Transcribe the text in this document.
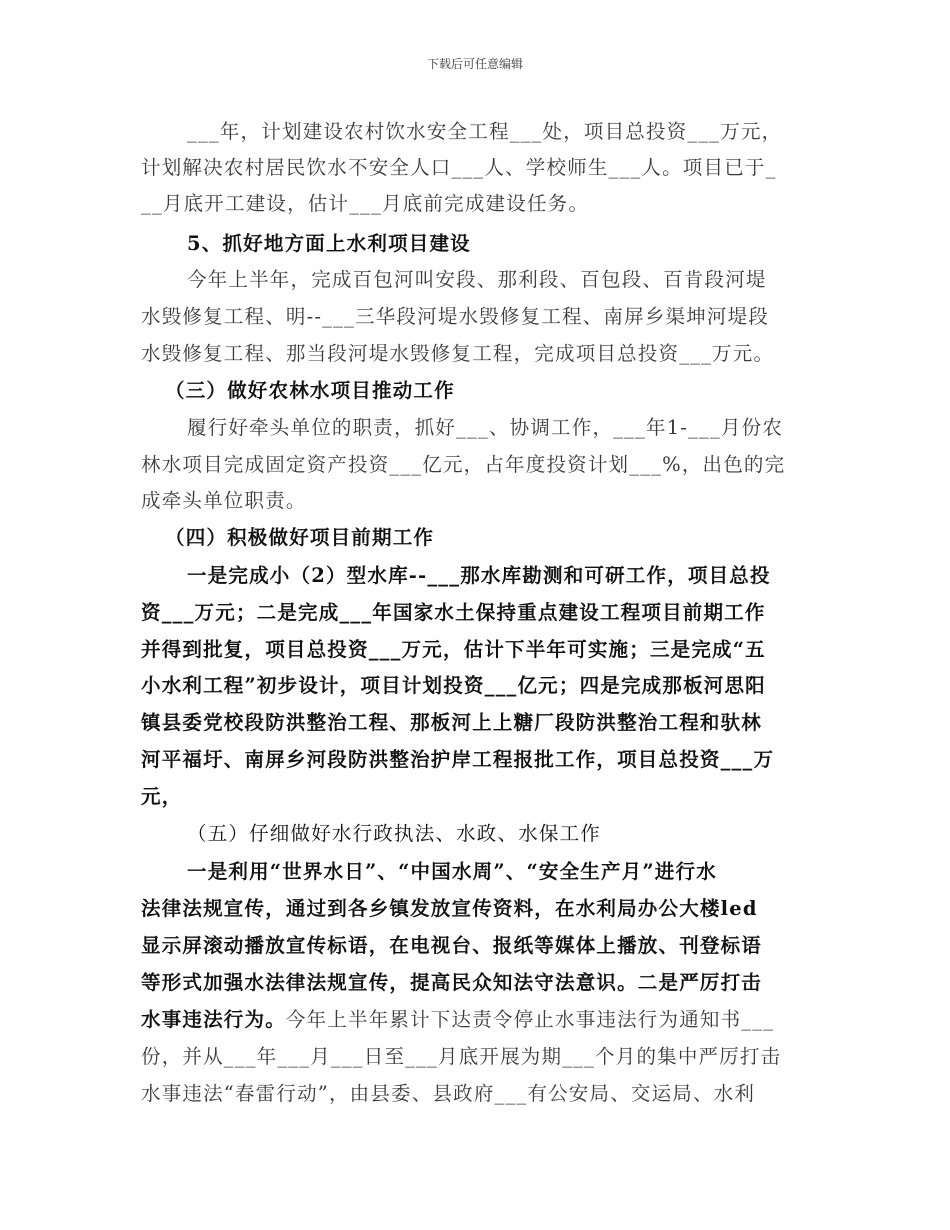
下载后可任意编辑
___年，计划建设农村饮水安全工程___处，项目总投资___万元，
计划解决农村居民饮水不安全人口___人、学校师生___人。项目已于_
__月底开工建设，估计___月底前完成建设任务。
5、抓好地方面上水利项目建设
今年上半年，完成百包河叫安段、那利段、百包段、百肯段河堤
水毁修复工程、明--___三华段河堤水毁修复工程、南屏乡渠坤河堤段
水毁修复工程、那当段河堤水毁修复工程，完成项目总投资___万元。
（三）做好农林水项目推动工作
履行好牵头单位的职责，抓好___、协调工作，___年1-___月份农
林水项目完成固定资产投资___亿元，占年度投资计划___%，出色的完
成牵头单位职责。
（四）积极做好项目前期工作
一是完成小（2）型水库--___那水库勘测和可研工作，项目总投
资___万元；二是完成___年国家水土保持重点建设工程项目前期工作
并得到批复，项目总投资___万元，估计下半年可实施；三是完成“五
小水利工程”初步设计，项目计划投资___亿元；四是完成那板河思阳
镇县委党校段防洪整治工程、那板河上上糖厂段防洪整治工程和驮林
河平福圩、南屏乡河段防洪整治护岸工程报批工作，项目总投资___万
元，
（五）仔细做好水行政执法、水政、水保工作
一是利用“世界水日”、“中国水周”、“安全生产月”进行水
法律法规宣传，通过到各乡镇发放宣传资料，在水利局办公大楼led
显示屏滚动播放宣传标语，在电视台、报纸等媒体上播放、刊登标语
等形式加强水法律法规宣传，提高民众知法守法意识。二是严厉打击
水事违法行为。今年上半年累计下达责令停止水事违法行为通知书___
份，并从___年___月___日至___月底开展为期___个月的集中严厉打击
水事违法“春雷行动”，由县委、县政府___有公安局、交运局、水利
